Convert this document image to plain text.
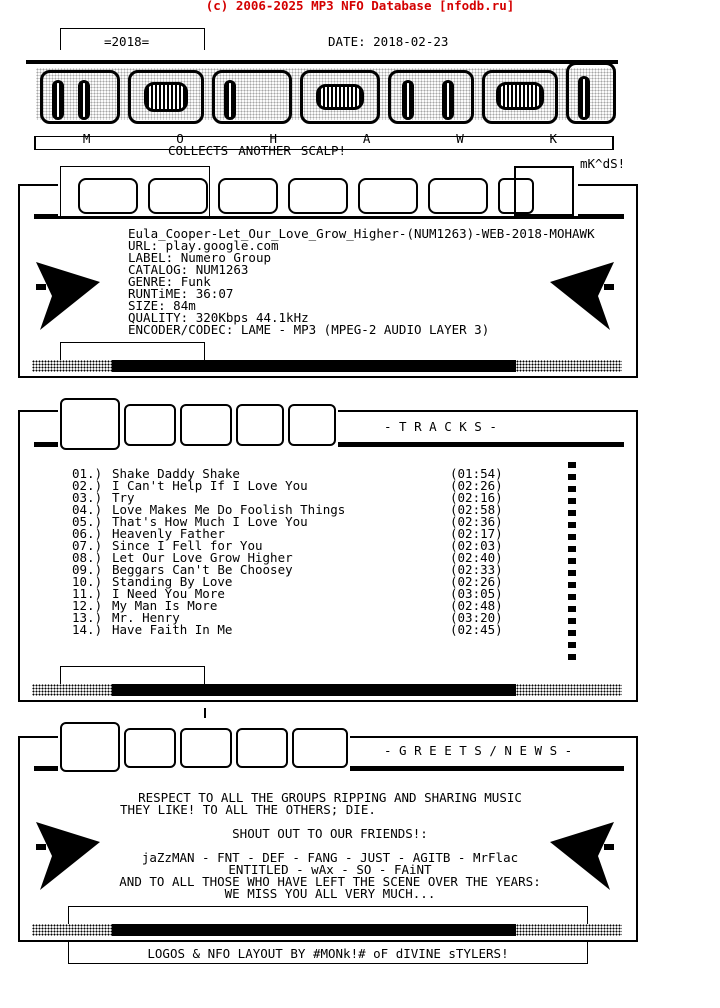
(c) 2006-2025 MP3 NFO Database [nfodb.ru]
=2018=	DATE: 2018-02-23
M	O	H	A	W	K
COLLECTS ANOTHER SCALP!
mK^dS!
Eula_Cooper-Let_Our_Love_Grow_Higher-(NUM1263)-WEB-2018-MOHAWK
URL: play.google.com
LABEL: Numero Group
CATALOG: NUM1263
GENRE: Funk
RUNTiME: 36:07
SIZE: 84m
QUALITY: 320Kbps 44.1kHz
ENCODER/CODEC: LAME - MP3 (MPEG-2 AUDIO LAYER 3)
- T R A C K S -
01.) Shake Daddy Shake	(01:54)
02.) I Can't Help If I Love You	(02:26)
03.) Try	(02:16)
04.) Love Makes Me Do Foolish Things	(02:58)
05.) That's How Much I Love You	(02:36)
06.) Heavenly Father	(02:17)
07.) Since I Fell for You	(02:03)
08.) Let Our Love Grow Higher	(02:40)
09.) Beggars Can't Be Choosey	(02:33)
10.) Standing By Love	(02:26)
11.) I Need You More	(03:05)
12.) My Man Is More	(02:48)
13.) Mr. Henry	(03:20)
14.) Have Faith In Me	(02:45)
- G R E E T S / N E W S -
RESPECT TO ALL THE GROUPS RIPPING AND SHARING MUSIC
THEY LIKE! TO ALL THE OTHERS; DIE.
SHOUT OUT TO OUR FRIENDS!:
jaZzMAN - FNT - DEF - FANG - JUST - AGITB - MrFlac
ENTITLED - wAx - SO - FAiNT
AND TO ALL THOSE WHO HAVE LEFT THE SCENE OVER THE YEARS:
WE MISS YOU ALL VERY MUCH...
LOGOS & NFO LAYOUT BY #MONk!# oF dIVINE sTYLERS!
